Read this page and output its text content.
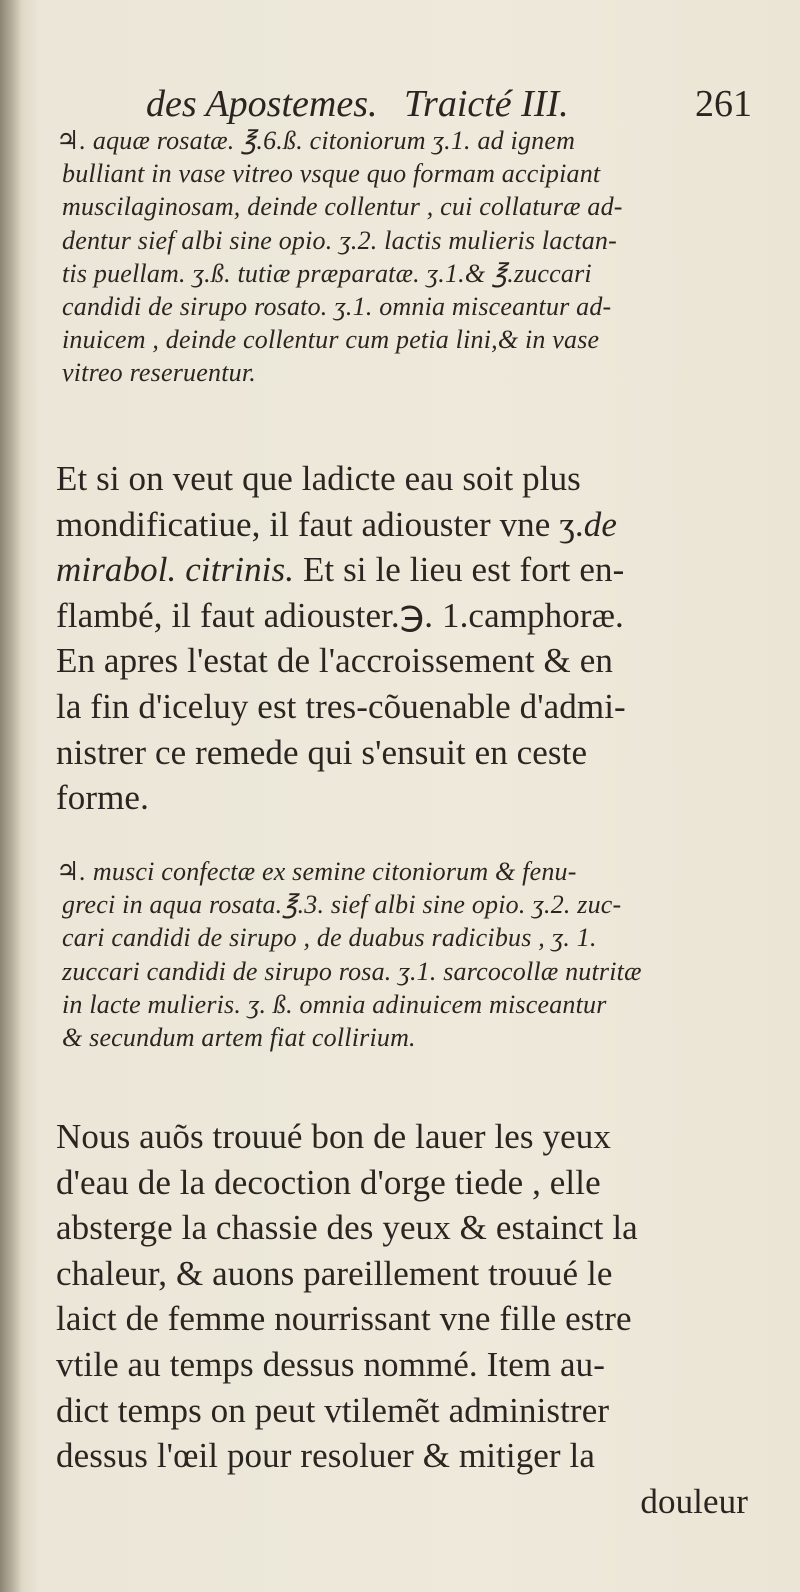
des Apostemes. Traicté III.	261
♃. aquæ rosatæ. ℥.6.ß. citoniorum ʒ.1. ad ignem
bulliant in vase vitreo vsque quo formam accipiant
muscilaginosam, deinde collentur , cui collaturæ ad-
dentur sief albi sine opio. ʒ.2. lactis mulieris lactan-
tis puellam. ʒ.ß. tutiæ præparatæ. ʒ.1.& ℥.zuccari
candidi de sirupo rosato. ʒ.1. omnia misceantur ad-
inuicem , deinde collentur cum petia lini,& in vase
vitreo reseruentur.
Et si on veut que ladicte eau soit plus
mondificatiue, il faut adiouster vne ʒ.de
mirabol. citrinis. Et si le lieu est fort en-
flambé, il faut adiouster.℈. 1.camphoræ.
En apres l'estat de l'accroissement & en
la fin d'iceluy est tres-cõuenable d'admi-
nistrer ce remede qui s'ensuit en ceste
forme.
♃. musci confectæ ex semine citoniorum & fenu-
greci in aqua rosata.℥.3. sief albi sine opio. ʒ.2. zuc-
cari candidi de sirupo , de duabus radicibus , ʒ. 1.
zuccari candidi de sirupo rosa. ʒ.1. sarcocollæ nutritæ
in lacte mulieris. ʒ. ß. omnia adinuicem misceantur
& secundum artem fiat collirium.
Nous auõs trouué bon de lauer les yeux
d'eau de la decoction d'orge tiede , elle
absterge la chassie des yeux & estainct la
chaleur, & auons pareillement trouué le
laict de femme nourrissant vne fille estre
vtile au temps dessus nommé. Item au-
dict temps on peut vtilemẽt administrer
dessus l'œil pour resoluer & mitiger la
douleur
